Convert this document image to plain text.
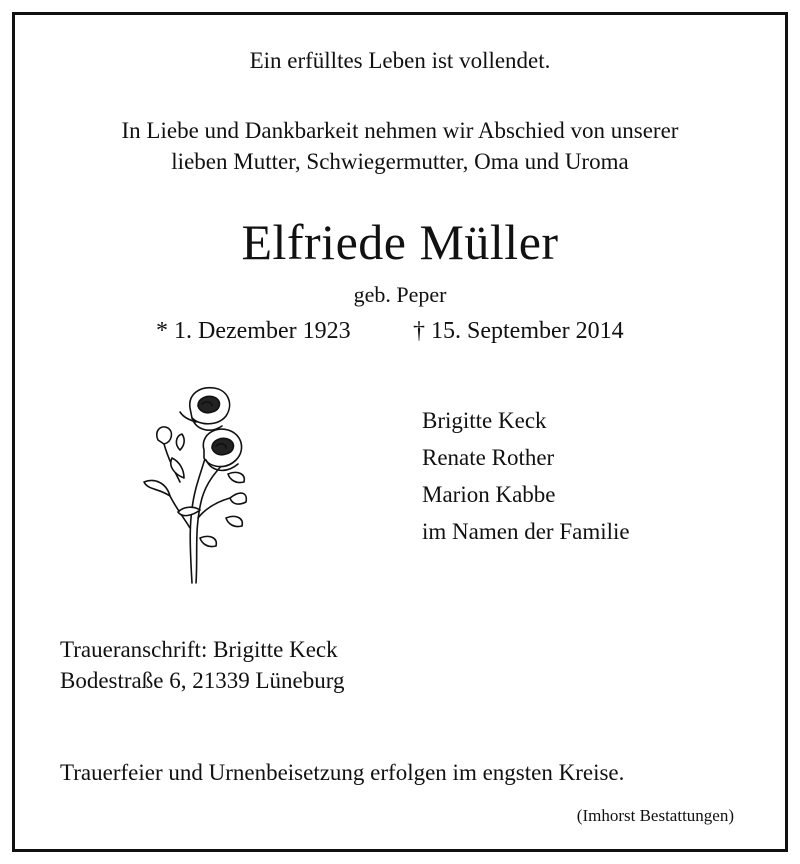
Ein erfülltes Leben ist vollendet.
In Liebe und Dankbarkeit nehmen wir Abschied von unserer
lieben Mutter, Schwiegermutter, Oma und Uroma
Elfriede Müller
geb. Peper
* 1. Dezember 1923	† 15. September 2014
Brigitte Keck
Renate Rother
Marion Kabbe
im Namen der Familie
Traueranschrift: Brigitte Keck
Bodestraße 6, 21339 Lüneburg
Trauerfeier und Urnenbeisetzung erfolgen im engsten Kreise.
(Imhorst Bestattungen)
